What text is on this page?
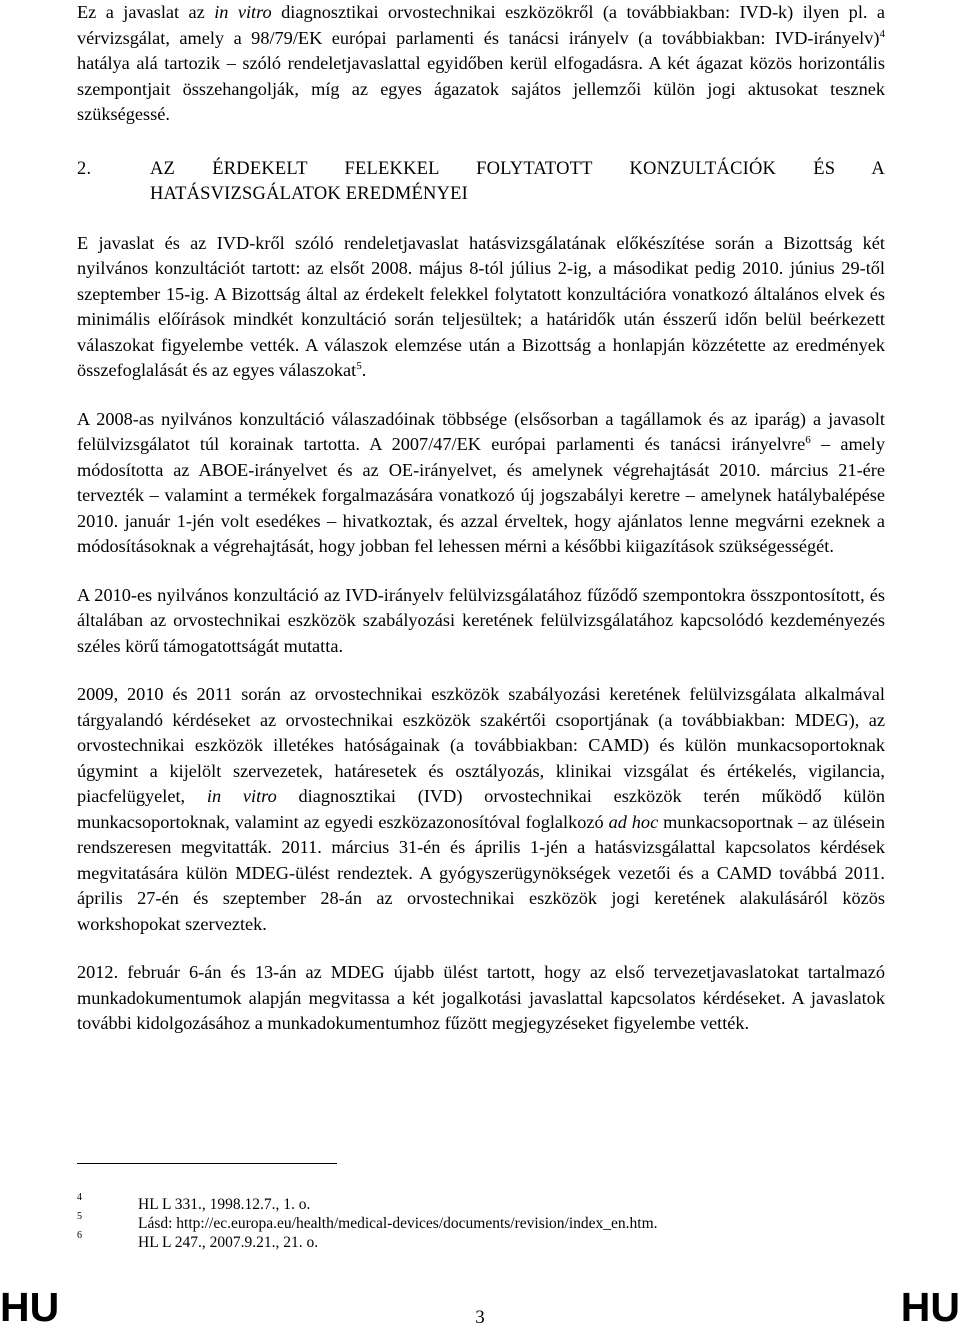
Ez a javaslat az in vitro diagnosztikai orvostechnikai eszközökről (a továbbiakban: IVD-k) ilyen pl. a vérvizsgálat, amely a 98/79/EK európai parlamenti és tanácsi irányelv (a továbbiakban: IVD-irányelv)$^4$ hatálya alá tartozik – szóló rendeletjavaslattal egyidőben kerül elfogadásra. A két ágazat közös horizontális szempontjait összehangolják, míg az egyes ágazatok sajátos jellemzői külön jogi aktusokat tesznek szükségessé.

2.	AZ ÉRDEKELT FELEKKEL FOLYTATOTT KONZULTÁCIÓK ÉS A HATÁSVIZSGÁLATOK EREDMÉNYEI

E javaslat és az IVD-kről szóló rendeletjavaslat hatásvizsgálatának előkészítése során a Bizottság két nyilvános konzultációt tartott: az elsőt 2008. május 8-tól július 2-ig, a másodikat pedig 2010. június 29-től szeptember 15-ig. A Bizottság által az érdekelt felekkel folytatott konzultációra vonatkozó általános elvek és minimális előírások mindkét konzultáció során teljesültek; a határidők után ésszerű időn belül beérkezett válaszokat figyelembe vették. A válaszok elemzése után a Bizottság a honlapján közzétette az eredmények összefoglalását és az egyes válaszokat$^5$.

A 2008-as nyilvános konzultáció válaszadóinak többsége (elsősorban a tagállamok és az iparág) a javasolt felülvizsgálatot túl korainak tartotta. A 2007/47/EK európai parlamenti és tanácsi irányelvre$^6$ – amely módosította az ABOE-irányelvet és az OE-irányelvet, és amelynek végrehajtását 2010. március 21-ére tervezték – valamint a termékek forgalmazására vonatkozó új jogszabályi keretre – amelynek hatálybalépése 2010. január 1-jén volt esedékes – hivatkoztak, és azzal érveltek, hogy ajánlatos lenne megvárni ezeknek a módosításoknak a végrehajtását, hogy jobban fel lehessen mérni a későbbi kiigazítások szükségességét.

A 2010-es nyilvános konzultáció az IVD-irányelv felülvizsgálatához fűződő szempontokra összpontosított, és általában az orvostechnikai eszközök szabályozási keretének felülvizsgálatához kapcsolódó kezdeményezés széles körű támogatottságát mutatta.

2009, 2010 és 2011 során az orvostechnikai eszközök szabályozási keretének felülvizsgálata alkalmával tárgyalandó kérdéseket az orvostechnikai eszközök szakértői csoportjának (a továbbiakban: MDEG), az orvostechnikai eszközök illetékes hatóságainak (a továbbiakban: CAMD) és külön munkacsoportoknak úgymint a kijelölt szervezetek, határesetek és osztályozás, klinikai vizsgálat és értékelés, vigilancia, piacfelügyelet, in vitro diagnosztikai (IVD) orvostechnikai eszközök terén működő külön munkacsoportoknak, valamint az egyedi eszközazonosítóval foglalkozó ad hoc munkacsoportnak – az ülésein rendszeresen megvitatták. 2011. március 31-én és április 1-jén a hatásvizsgálattal kapcsolatos kérdések megvitatására külön MDEG-ülést rendeztek. A gyógyszerügynökségek vezetői és a CAMD továbbá 2011. április 27-én és szeptember 28-án az orvostechnikai eszközök jogi keretének alakulásáról közös workshopokat szerveztek.

2012. február 6-án és 13-án az MDEG újabb ülést tartott, hogy az első tervezetjavaslatokat tartalmazó munkadokumentumok alapján megvitassa a két jogalkotási javaslattal kapcsolatos kérdéseket. A javaslatok további kidolgozásához a munkadokumentumhoz fűzött megjegyzéseket figyelembe vették.

4	HL L 331., 1998.12.7., 1. o.
5	Lásd: http://ec.europa.eu/health/medical-devices/documents/revision/index_en.htm.
6	HL L 247., 2007.9.21., 21. o.
HU	3	HU
